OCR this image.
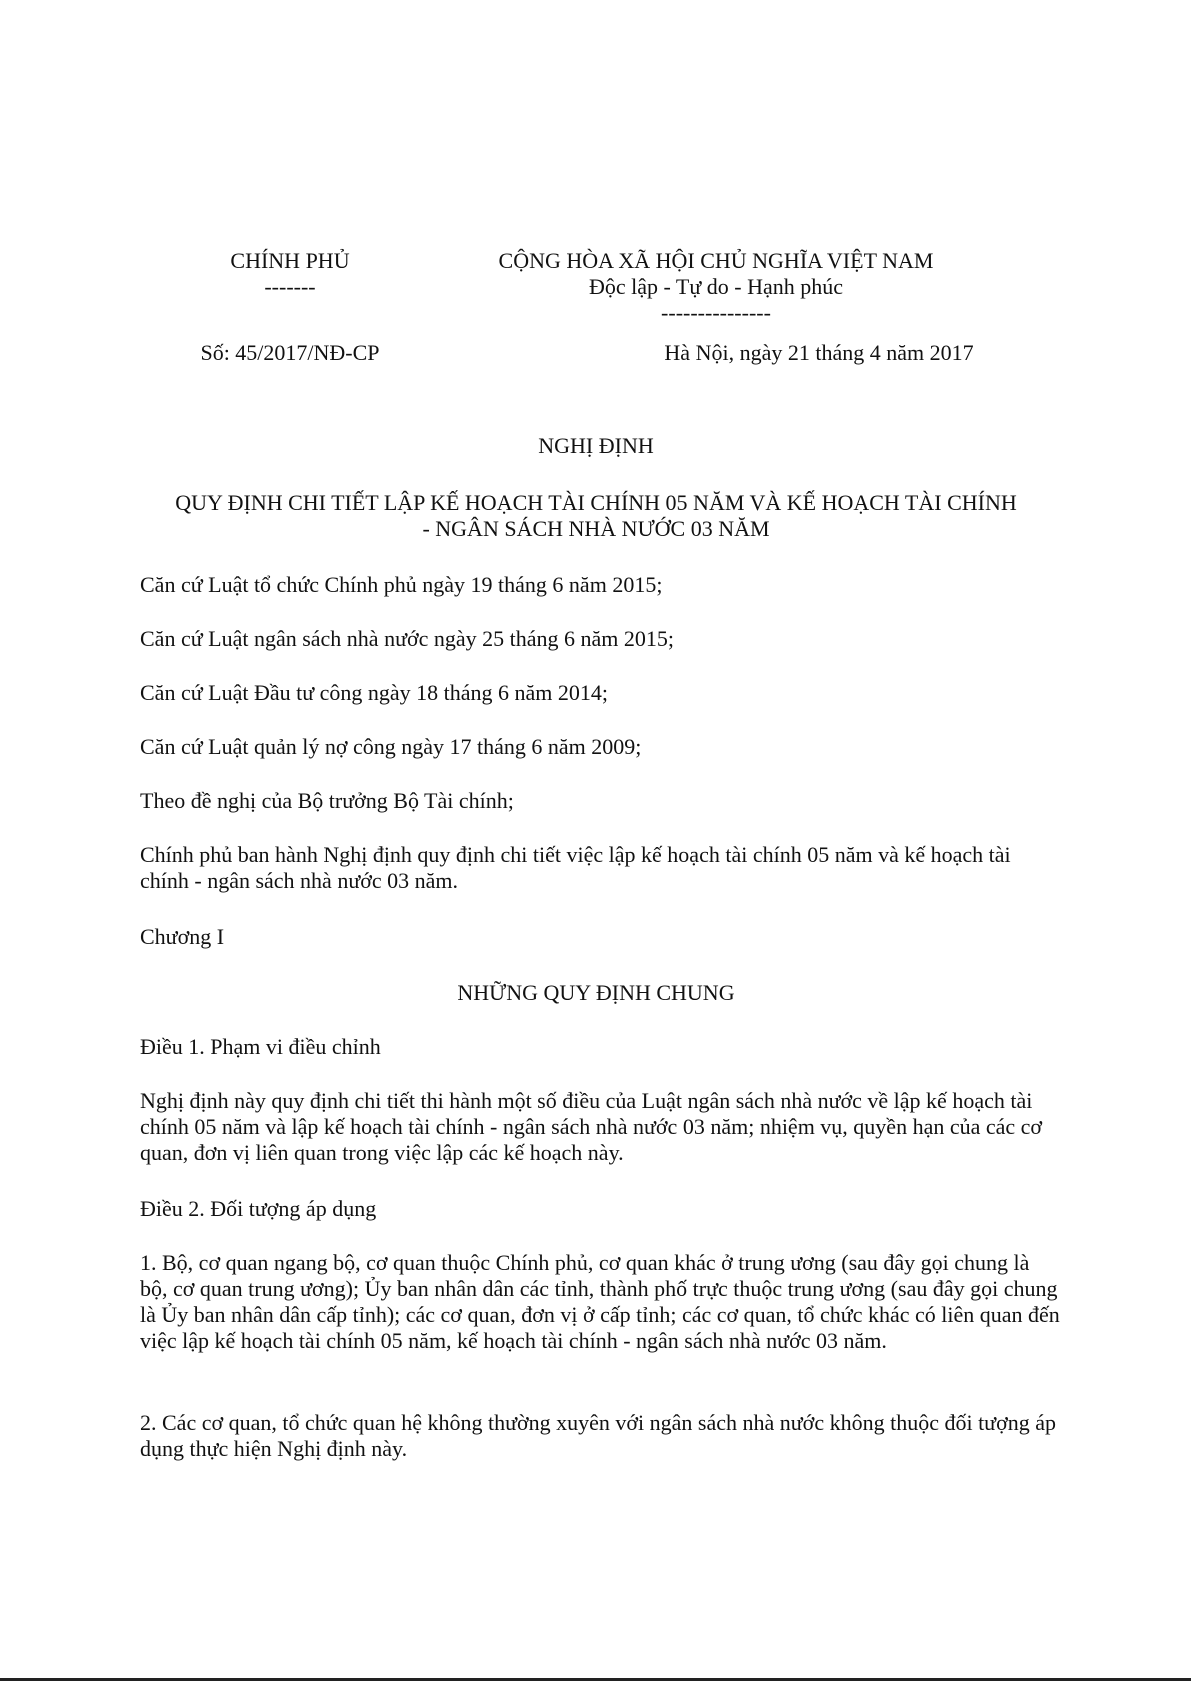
CHÍNH PHỦ
-------
CỘNG HÒA XÃ HỘI CHỦ NGHĨA VIỆT NAM
Độc lập - Tự do - Hạnh phúc
---------------
Số: 45/2017/NĐ-CP	Hà Nội, ngày 21 tháng 4 năm 2017
NGHỊ ĐỊNH
QUY ĐỊNH CHI TIẾT LẬP KẾ HOẠCH TÀI CHÍNH 05 NĂM VÀ KẾ HOẠCH TÀI CHÍNH
- NGÂN SÁCH NHÀ NƯỚC 03 NĂM
Căn cứ Luật tổ chức Chính phủ ngày 19 tháng 6 năm 2015;
Căn cứ Luật ngân sách nhà nước ngày 25 tháng 6 năm 2015;
Căn cứ Luật Đầu tư công ngày 18 tháng 6 năm 2014;
Căn cứ Luật quản lý nợ công ngày 17 tháng 6 năm 2009;
Theo đề nghị của Bộ trưởng Bộ Tài chính;
Chính phủ ban hành Nghị định quy định chi tiết việc lập kế hoạch tài chính 05 năm và kế hoạch tài chính - ngân sách nhà nước 03 năm.
Chương I
NHỮNG QUY ĐỊNH CHUNG
Điều 1. Phạm vi điều chỉnh
Nghị định này quy định chi tiết thi hành một số điều của Luật ngân sách nhà nước về lập kế hoạch tài chính 05 năm và lập kế hoạch tài chính - ngân sách nhà nước 03 năm; nhiệm vụ, quyền hạn của các cơ quan, đơn vị liên quan trong việc lập các kế hoạch này.
Điều 2. Đối tượng áp dụng
1. Bộ, cơ quan ngang bộ, cơ quan thuộc Chính phủ, cơ quan khác ở trung ương (sau đây gọi chung là bộ, cơ quan trung ương); Ủy ban nhân dân các tỉnh, thành phố trực thuộc trung ương (sau đây gọi chung là Ủy ban nhân dân cấp tỉnh); các cơ quan, đơn vị ở cấp tỉnh; các cơ quan, tổ chức khác có liên quan đến việc lập kế hoạch tài chính 05 năm, kế hoạch tài chính - ngân sách nhà nước 03 năm.
2. Các cơ quan, tổ chức quan hệ không thường xuyên với ngân sách nhà nước không thuộc đối tượng áp dụng thực hiện Nghị định này.
